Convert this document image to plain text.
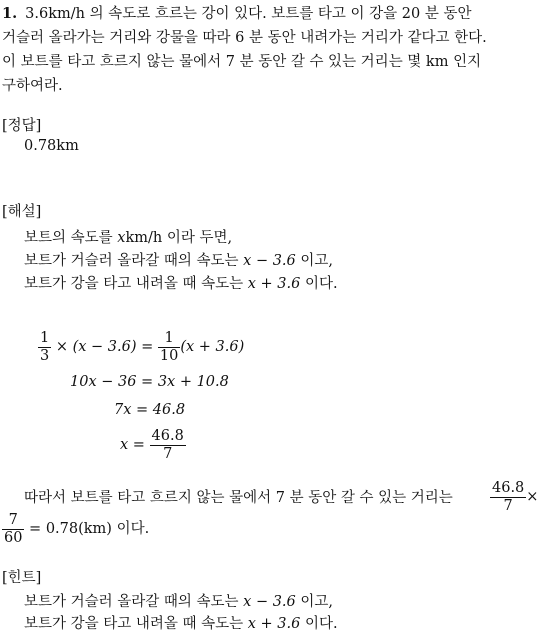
1. 3.6km/h 의 속도로 흐르는 강이 있다. 보트를 타고 이 강을 20 분 동안
거슬러 올라가는 거리와 강물을 따라 6 분 동안 내려가는 거리가 같다고 한다.
이 보트를 타고 흐르지 않는 물에서 7 분 동안 갈 수 있는 거리는 몇 km 인지
구하여라.
[정답]
0.78km
[해설]
보트의 속도를 xkm/h 이라 두면,
보트가 거슬러 올라갈 때의 속도는 x − 3.6 이고,
보트가 강을 타고 내려올 때 속도는 x + 3.6 이다.
$\frac{1}{3} \times (x - 3.6) = \frac{1}{10} (x + 3.6)$
10x − 36 = 3x + 10.8
7x = 46.8
$x = \frac{46.8}{7}$
따라서 보트를 타고 흐르지 않는 물에서 7 분 동안 갈 수 있는 거리는	$\frac{46.8}{7}$ ×
$\frac{7}{60} = 0.78(km)$ 이다.
[힌트]
보트가 거슬러 올라갈 때의 속도는 x − 3.6 이고,
보트가 강을 타고 내려올 때 속도는 x + 3.6 이다.
